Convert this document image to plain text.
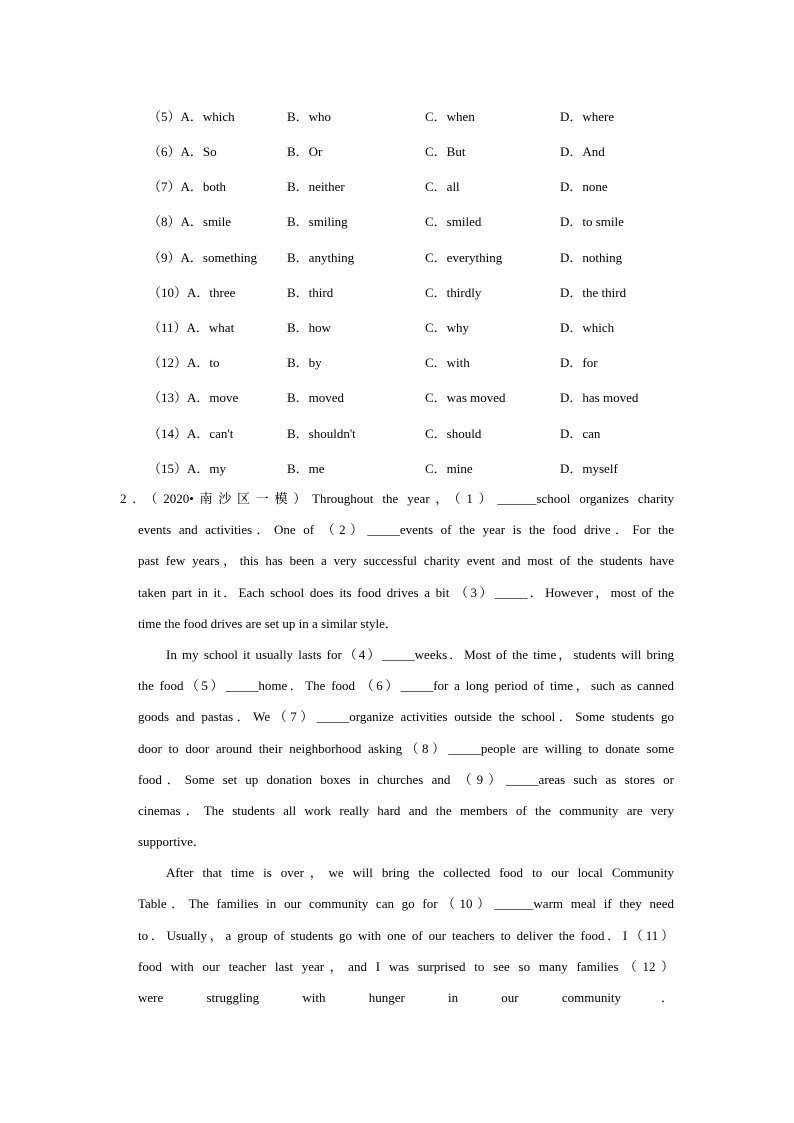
（5）A．which	B．who	C．when	D．where
（6）A．So	B．Or	C．But	D．And
（7）A．both	B．neither	C．all	D．none
（8）A．smile	B．smiling	C．smiled	D．to smile
（9）A．something B．anything	C．everything	D．nothing
（10）A．three	B．third	C．thirdly	D．the third
（11）A．what	B．how	C．why	D．which
（12）A．to	B．by	C．with	D．for
（13）A．move	B．moved	C．was moved	D．has moved
（14）A．can't	B．shouldn't	C．should	D．can
（15）A．my	B．me	C．mine	D．myself
2．（2020•南沙区一模）Throughout the year，（1）______school organizes charity
events and activities．One of （2）_____events of the year is the food drive．For the
past few years，this has been a very successful charity event and most of the students have
taken part in it．Each school does its food drives a bit （3）_____．However，most of the
time the food drives are set up in a similar style．
In my school it usually lasts for（4）_____weeks．Most of the time，students will bring
the food（5）_____home．The food （6）_____for a long period of time，such as canned
goods and pastas．We（7）_____organize activities outside the school．Some students go
door to door around their neighborhood asking（8）_____people are willing to donate some
food．Some set up donation boxes in churches and （9）_____areas such as stores or
cinemas．The students all work really hard and the members of the community are very
supportive．
After that time is over，we will bring the collected food to our local Community
Table．The families in our community can go for（10）______warm meal if they need
to．Usually，a group of students go with one of our teachers to deliver the food．I（11）
food with our teacher last year，and I was surprised to see so many families（12）
were struggling with hunger in our community．
